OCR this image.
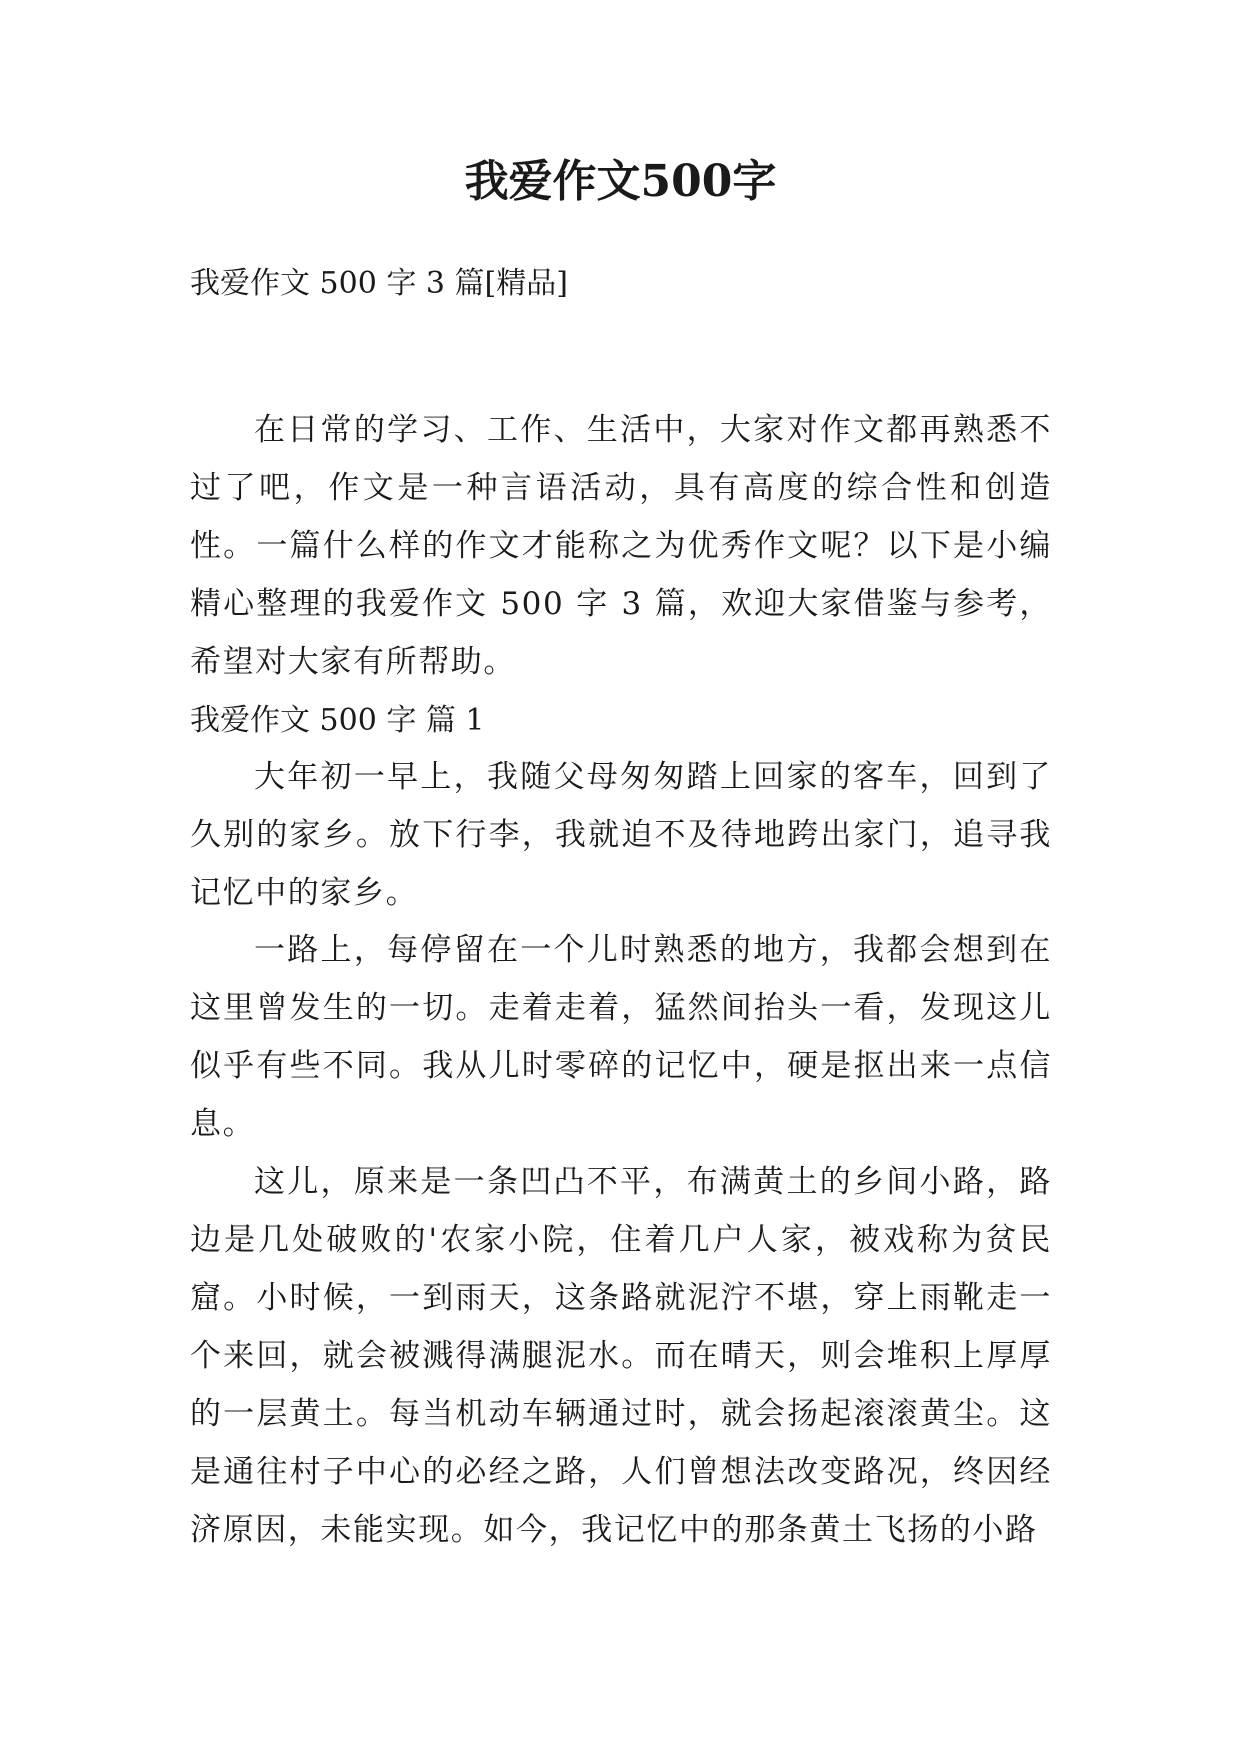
我爱作文500字

我爱作文 500 字 3 篇[精品]

在日常的学习、工作、生活中，大家对作文都再熟悉不过了吧，作文是一种言语活动，具有高度的综合性和创造性。一篇什么样的作文才能称之为优秀作文呢？以下是小编精心整理的我爱作文 500 字 3 篇，欢迎大家借鉴与参考，希望对大家有所帮助。

我爱作文 500 字 篇 1

大年初一早上，我随父母匆匆踏上回家的客车，回到了久别的家乡。放下行李，我就迫不及待地跨出家门，追寻我记忆中的家乡。

一路上，每停留在一个儿时熟悉的地方，我都会想到在这里曾发生的一切。走着走着，猛然间抬头一看，发现这儿似乎有些不同。我从儿时零碎的记忆中，硬是抠出来一点信息。

这儿，原来是一条凹凸不平，布满黄土的乡间小路，路边是几处破败的'农家小院，住着几户人家，被戏称为贫民窟。小时候，一到雨天，这条路就泥泞不堪，穿上雨靴走一个来回，就会被溅得满腿泥水。而在晴天，则会堆积上厚厚的一层黄土。每当机动车辆通过时，就会扬起滚滚黄尘。这是通往村子中心的必经之路，人们曾想法改变路况，终因经济原因，未能实现。如今，我记忆中的那条黄土飞扬的小路
